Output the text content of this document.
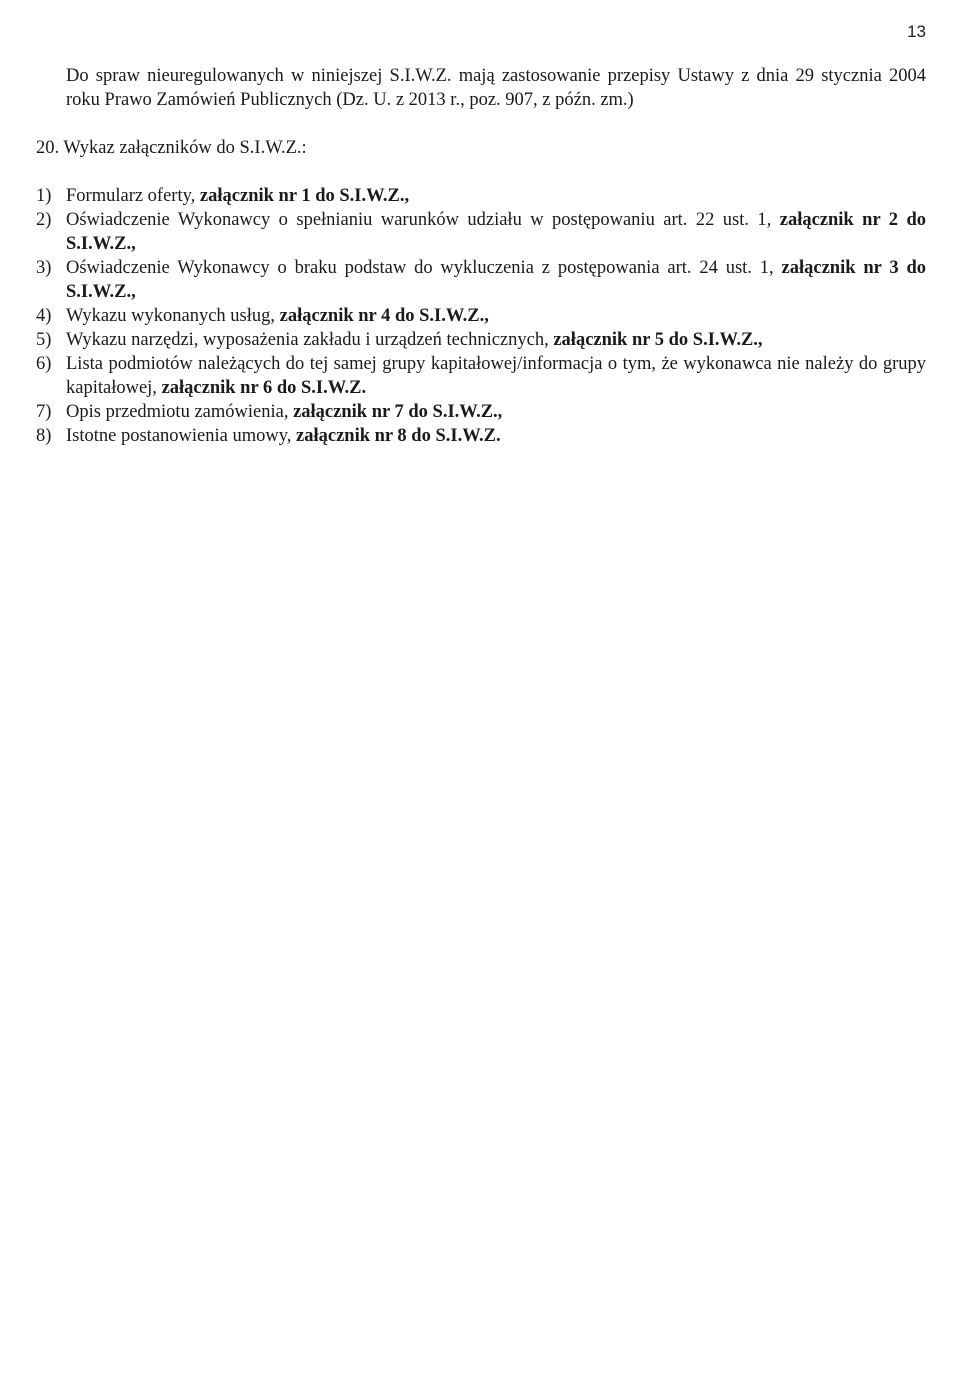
13

Do spraw nieuregulowanych w niniejszej S.I.W.Z. mają zastosowanie przepisy Ustawy z dnia 29 stycznia 2004 roku Prawo Zamówień Publicznych (Dz. U. z 2013 r., poz. 907, z późn. zm.)

20. Wykaz załączników do S.I.W.Z.:
1) Formularz oferty, załącznik nr 1 do S.I.W.Z.,
2) Oświadczenie Wykonawcy o spełnianiu warunków udziału w postępowaniu art. 22 ust. 1, załącznik nr 2 do S.I.W.Z.,
3) Oświadczenie Wykonawcy o braku podstaw do wykluczenia z postępowania art. 24 ust. 1, załącznik nr 3 do S.I.W.Z.,
4) Wykazu wykonanych usług, załącznik nr 4 do S.I.W.Z.,
5) Wykazu narzędzi, wyposażenia zakładu i urządzeń technicznych, załącznik nr 5 do S.I.W.Z.,
6) Lista podmiotów należących do tej samej grupy kapitałowej/informacja o tym, że wykonawca nie należy do grupy kapitałowej, załącznik nr 6 do S.I.W.Z.
7) Opis przedmiotu zamówienia, załącznik nr 7 do S.I.W.Z.,
8) Istotne postanowienia umowy, załącznik nr 8 do S.I.W.Z.
